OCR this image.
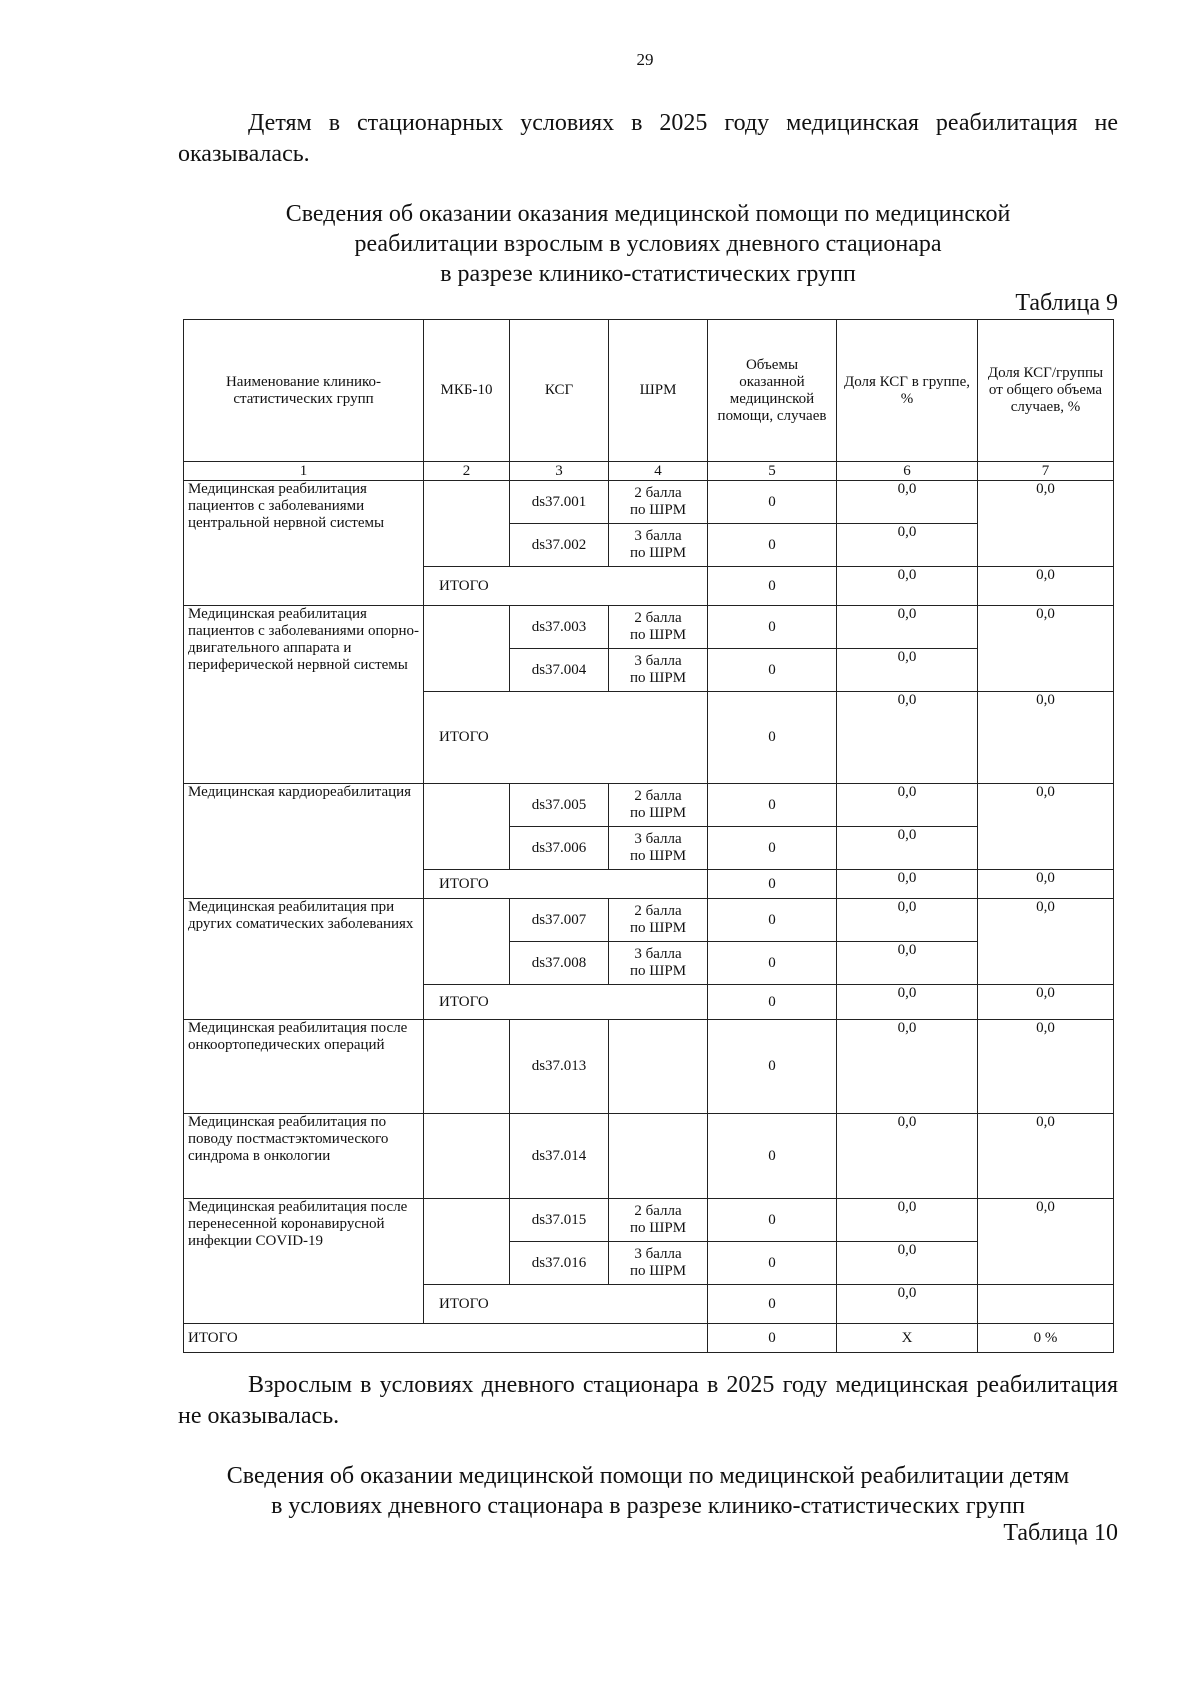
29
Детям в стационарных условиях в 2025 году медицинская реабилитация не оказывалась.
Сведения об оказании оказания медицинской помощи по медицинской
реабилитации взрослым в условиях дневного стационара
в разрезе клинико-статистических групп
Таблица 9
Наименование клинико-статистических групп	МКБ-10	КСГ	ШРМ	Объемы оказанной медицинской помощи, случаев	Доля КСГ в группе, %	Доля КСГ/группы от общего объема случаев, %
1	2	3	4	5	6	7
Медицинская реабилитация пациентов с заболеваниями центральной нервной системы		ds37.001	2 балла
по ШРМ	0	0,0	0,0
		ds37.002	3 балла
по ШРМ	0	0,0	
	ИТОГО			0	0,0	0,0
Медицинская реабилитация пациентов с заболеваниями опорно-двигательного аппарата и периферической нервной системы		ds37.003	2 балла
по ШРМ	0	0,0	0,0
		ds37.004	3 балла
по ШРМ	0	0,0	
	ИТОГО			0	0,0	0,0
Медицинская кардиореабилитация		ds37.005	2 балла
по ШРМ	0	0,0	0,0
		ds37.006	3 балла
по ШРМ	0	0,0	
	ИТОГО			0	0,0	0,0
Медицинская реабилитация при других соматических заболеваниях		ds37.007	2 балла
по ШРМ	0	0,0	0,0
		ds37.008	3 балла
по ШРМ	0	0,0	
	ИТОГО			0	0,0	0,0
Медицинская реабилитация после онкоортопедических операций		ds37.013		0	0,0	0,0
Медицинская реабилитация по поводу постмастэктомического синдрома в онкологии		ds37.014		0	0,0	0,0
Медицинская реабилитация после перенесенной коронавирусной инфекции COVID-19		ds37.015	2 балла
по ШРМ	0	0,0	0,0
		ds37.016	3 балла
по ШРМ	0	0,0	
	ИТОГО			0	0,0	
ИТОГО				0	Х	0 %
Взрослым в условиях дневного стационара в 2025 году медицинская реабилитация не оказывалась.
Сведения об оказании медицинской помощи по медицинской реабилитации детям
в условиях дневного стационара в разрезе клинико-статистических групп
Таблица 10
